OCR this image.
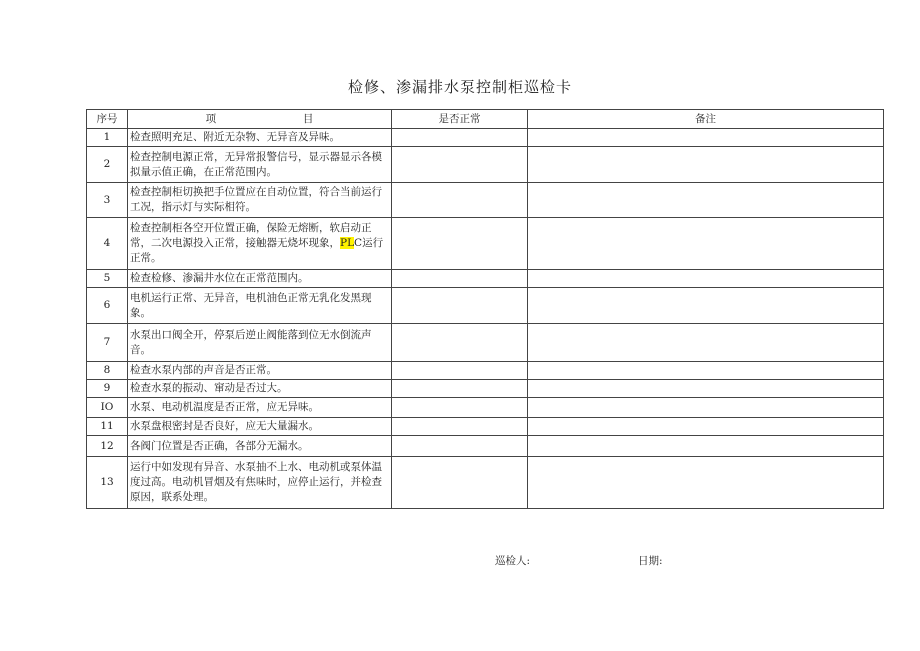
检修、渗漏排水泵控制柜巡检卡
序号	项 目	是否正常	备注
1	检查照明充足、附近无杂物、无异音及异味。		
2	检查控制电源正常，无异常报警信号，显示器显示各模拟量示值正确，在正常范围内。		
3	检查控制柜切换把手位置应在自动位置，符合当前运行工况，指示灯与实际相符。		
4	检查控制柜各空开位置正确，保险无熔断，软启动正常，二次电源投入正常，接触器无烧坏现象，PLC运行正常。		
5	检查检修、渗漏井水位在正常范围内。		
6	电机运行正常、无异音，电机油色正常无乳化发黑现象。		
7	水泵出口阀全开，停泵后逆止阀能落到位无水倒流声音。		
8	检查水泵内部的声音是否正常。		
9	检查水泵的振动、窜动是否过大。		
IO	水泵、电动机温度是否正常，应无异味。		
11	水泵盘根密封是否良好，应无大量漏水。		
12	各阀门位置是否正确，各部分无漏水。		
13	运行中如发现有异音、水泵抽不上水、电动机或泵体温度过高。电动机冒烟及有焦味时，应停止运行，并检查原因，联系处理。		
巡检人:	日期:
